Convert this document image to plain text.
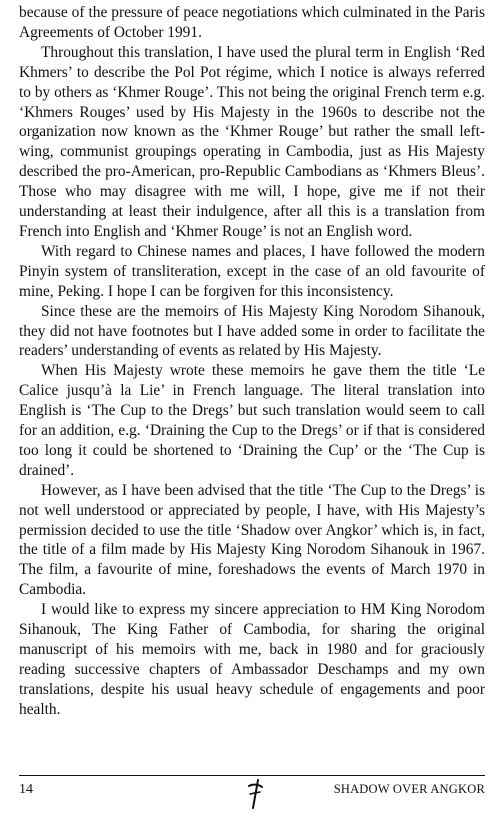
because of the pressure of peace negotiations which culminated in the Paris Agreements of October 1991.

Throughout this translation, I have used the plural term in English ‘Red Khmers’ to describe the Pol Pot régime, which I notice is always referred to by others as ‘Khmer Rouge’. This not being the original French term e.g. ‘Khmers Rouges’ used by His Majesty in the 1960s to describe not the organization now known as the ‘Khmer Rouge’ but rather the small left-wing, communist groupings operating in Cambodia, just as His Majesty described the pro-American, pro-Republic Cambodians as ‘Khmers Bleus’. Those who may disagree with me will, I hope, give me if not their understanding at least their indulgence, after all this is a translation from French into English and ‘Khmer Rouge’ is not an English word.

With regard to Chinese names and places, I have followed the modern Pinyin system of transliteration, except in the case of an old favourite of mine, Peking. I hope I can be forgiven for this inconsistency.

Since these are the memoirs of His Majesty King Norodom Sihanouk, they did not have footnotes but I have added some in order to facilitate the readers’ understanding of events as related by His Majesty.

When His Majesty wrote these memoirs he gave them the title ‘Le Calice jusqu’à la Lie’ in French language. The literal translation into English is ‘The Cup to the Dregs’ but such translation would seem to call for an addition, e.g. ‘Draining the Cup to the Dregs’ or if that is considered too long it could be shortened to ‘Draining the Cup’ or the ‘The Cup is drained’.

However, as I have been advised that the title ‘The Cup to the Dregs’ is not well understood or appreciated by people, I have, with His Majesty’s permission decided to use the title ‘Shadow over Angkor’ which is, in fact, the title of a film made by His Majesty King Norodom Sihanouk in 1967. The film, a favourite of mine, foreshadows the events of March 1970 in Cambodia.

I would like to express my sincere appreciation to HM King Norodom Sihanouk, The King Father of Cambodia, for sharing the original manuscript of his memoirs with me, back in 1980 and for graciously reading successive chapters of Ambassador Deschamps and my own translations, despite his usual heavy schedule of engagements and poor health.

14	SHADOW OVER ANGKOR
